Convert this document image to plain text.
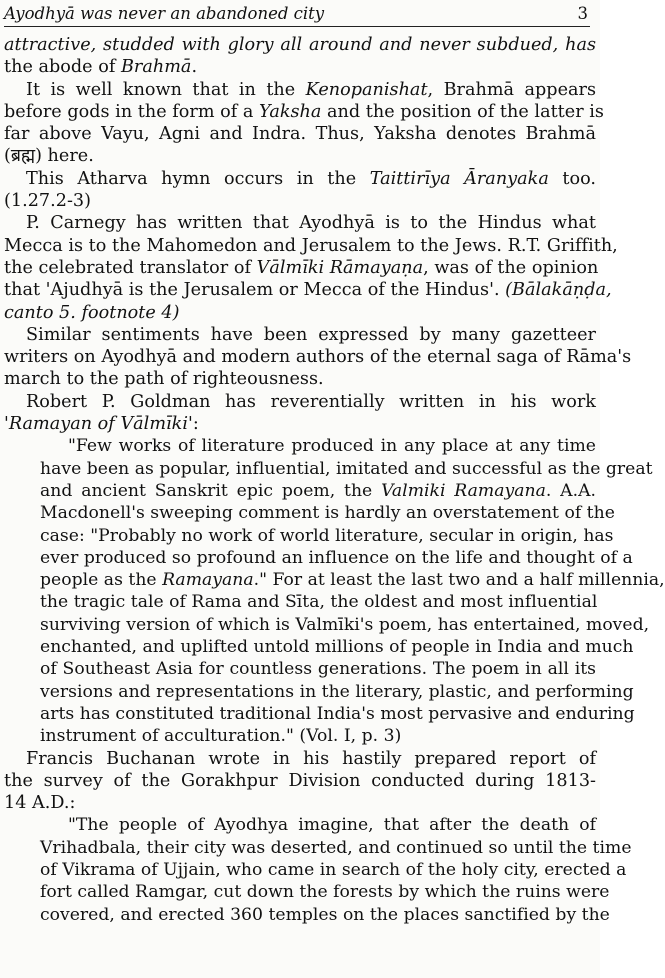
Ayodhyā was never an abandoned city	3
attractive, studded with glory all around and never subdued, has
the abode of Brahmā.
It is well known that in the Kenopanishat, Brahmā appears
before gods in the form of a Yaksha and the position of the latter is
far above Vayu, Agni and Indra. Thus, Yaksha denotes Brahmā
(ब्रह्म) here.
This Atharva hymn occurs in the Taittirīya Āranyaka too.
(1.27.2-3)
P. Carnegy has written that Ayodhyā is to the Hindus what
Mecca is to the Mahomedon and Jerusalem to the Jews. R.T. Griffith,
the celebrated translator of Vālmīki Rāmayaṇa, was of the opinion
that 'Ajudhyā is the Jerusalem or Mecca of the Hindus'. (Bālakāṇḍa,
canto 5. footnote 4)
Similar sentiments have been expressed by many gazetteer
writers on Ayodhyā and modern authors of the eternal saga of Rāma's
march to the path of righteousness.
Robert P. Goldman has reverentially written in his work
'Ramayan of Vālmīki':
"Few works of literature produced in any place at any time
have been as popular, influential, imitated and successful as the great
and ancient Sanskrit epic poem, the Valmiki Ramayana. A.A.
Macdonell's sweeping comment is hardly an overstatement of the
case: "Probably no work of world literature, secular in origin, has
ever produced so profound an influence on the life and thought of a
people as the Ramayana." For at least the last two and a half millennia,
the tragic tale of Rama and Sīta, the oldest and most influential
surviving version of which is Valmīki's poem, has entertained, moved,
enchanted, and uplifted untold millions of people in India and much
of Southeast Asia for countless generations. The poem in all its
versions and representations in the literary, plastic, and performing
arts has constituted traditional India's most pervasive and enduring
instrument of acculturation." (Vol. I, p. 3)
Francis Buchanan wrote in his hastily prepared report of
the survey of the Gorakhpur Division conducted during 1813-
14 A.D.:
"The people of Ayodhya imagine, that after the death of
Vrihadbala, their city was deserted, and continued so until the time
of Vikrama of Ujjain, who came in search of the holy city, erected a
fort called Ramgar, cut down the forests by which the ruins were
covered, and erected 360 temples on the places sanctified by the
